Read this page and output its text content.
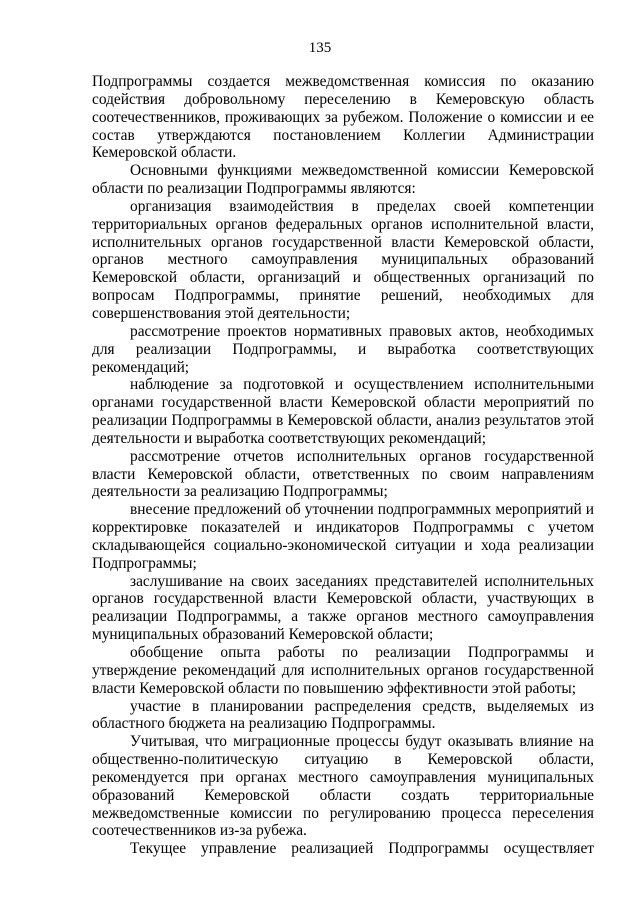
135

Подпрограммы создается межведомственная комиссия по оказанию содействия добровольному переселению в Кемеровскую область соотечественников, проживающих за рубежом. Положение о комиссии и ее состав утверждаются постановлением Коллегии Администрации Кемеровской области.

Основными функциями межведомственной комиссии Кемеровской области по реализации Подпрограммы являются:

организация взаимодействия в пределах своей компетенции территориальных органов федеральных органов исполнительной власти, исполнительных органов государственной власти Кемеровской области, органов местного самоуправления муниципальных образований Кемеровской области, организаций и общественных организаций по вопросам Подпрограммы, принятие решений, необходимых для совершенствования этой деятельности;

рассмотрение проектов нормативных правовых актов, необходимых для реализации Подпрограммы, и выработка соответствующих рекомендаций;

наблюдение за подготовкой и осуществлением исполнительными органами государственной власти Кемеровской области мероприятий по реализации Подпрограммы в Кемеровской области, анализ результатов этой деятельности и выработка соответствующих рекомендаций;

рассмотрение отчетов исполнительных органов государственной власти Кемеровской области, ответственных по своим направлениям деятельности за реализацию Подпрограммы;

внесение предложений об уточнении подпрограммных мероприятий и корректировке показателей и индикаторов Подпрограммы с учетом складывающейся социально-экономической ситуации и хода реализации Подпрограммы;

заслушивание на своих заседаниях представителей исполнительных органов государственной власти Кемеровской области, участвующих в реализации Подпрограммы, а также органов местного самоуправления муниципальных образований Кемеровской области;

обобщение опыта работы по реализации Подпрограммы и утверждение рекомендаций для исполнительных органов государственной власти Кемеровской области по повышению эффективности этой работы;

участие в планировании распределения средств, выделяемых из областного бюджета на реализацию Подпрограммы.

Учитывая, что миграционные процессы будут оказывать влияние на общественно-политическую ситуацию в Кемеровской области, рекомендуется при органах местного самоуправления муниципальных образований Кемеровской области создать территориальные межведомственные комиссии по регулированию процесса переселения соотечественников из-за рубежа.

Текущее управление реализацией Подпрограммы осуществляет
